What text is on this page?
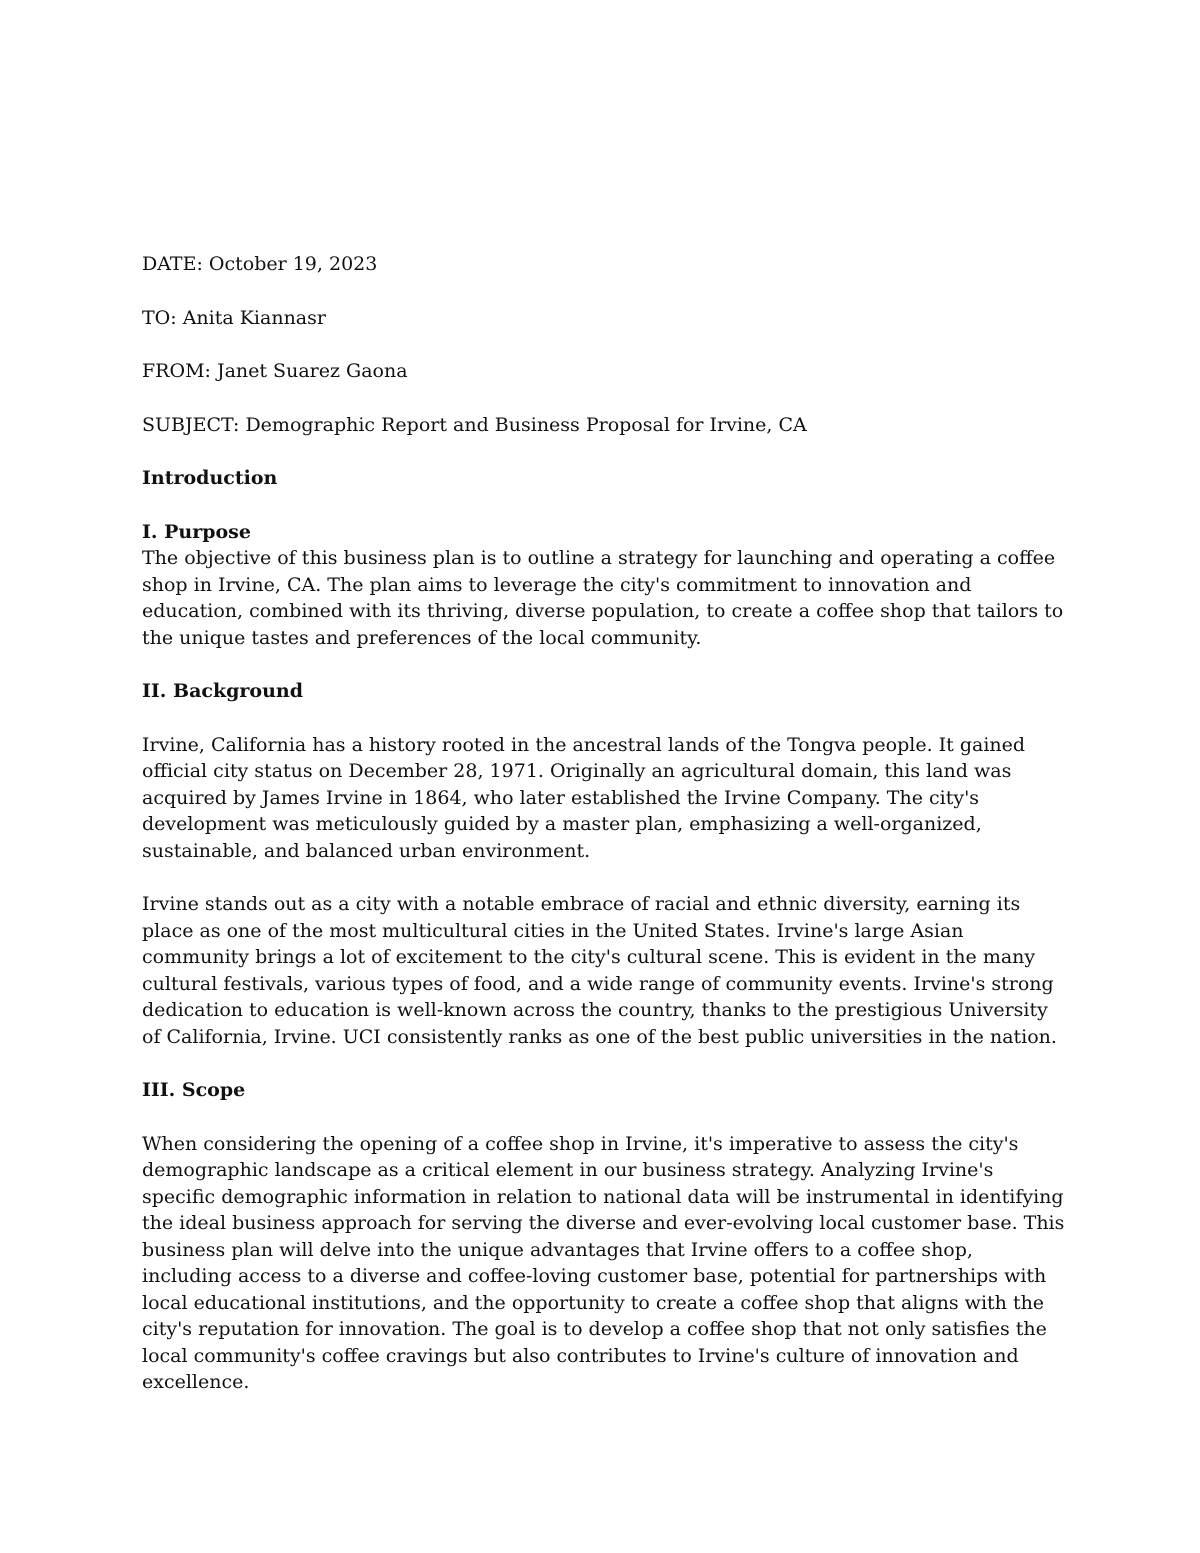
DATE: October 19, 2023

TO: Anita Kiannasr

FROM: Janet Suarez Gaona

SUBJECT: Demographic Report and Business Proposal for Irvine, CA

Introduction

I. Purpose

The objective of this business plan is to outline a strategy for launching and operating a coffee shop in Irvine, CA. The plan aims to leverage the city's commitment to innovation and education, combined with its thriving, diverse population, to create a coffee shop that tailors to the unique tastes and preferences of the local community.

II. Background

Irvine, California has a history rooted in the ancestral lands of the Tongva people. It gained official city status on December 28, 1971. Originally an agricultural domain, this land was acquired by James Irvine in 1864, who later established the Irvine Company. The city's development was meticulously guided by a master plan, emphasizing a well-organized, sustainable, and balanced urban environment.

Irvine stands out as a city with a notable embrace of racial and ethnic diversity, earning its place as one of the most multicultural cities in the United States. Irvine's large Asian community brings a lot of excitement to the city's cultural scene. This is evident in the many cultural festivals, various types of food, and a wide range of community events. Irvine's strong dedication to education is well-known across the country, thanks to the prestigious University of California, Irvine. UCI consistently ranks as one of the best public universities in the nation.

III. Scope

When considering the opening of a coffee shop in Irvine, it's imperative to assess the city's demographic landscape as a critical element in our business strategy. Analyzing Irvine's specific demographic information in relation to national data will be instrumental in identifying the ideal business approach for serving the diverse and ever-evolving local customer base. This business plan will delve into the unique advantages that Irvine offers to a coffee shop, including access to a diverse and coffee-loving customer base, potential for partnerships with local educational institutions, and the opportunity to create a coffee shop that aligns with the city's reputation for innovation. The goal is to develop a coffee shop that not only satisfies the local community's coffee cravings but also contributes to Irvine's culture of innovation and excellence.
